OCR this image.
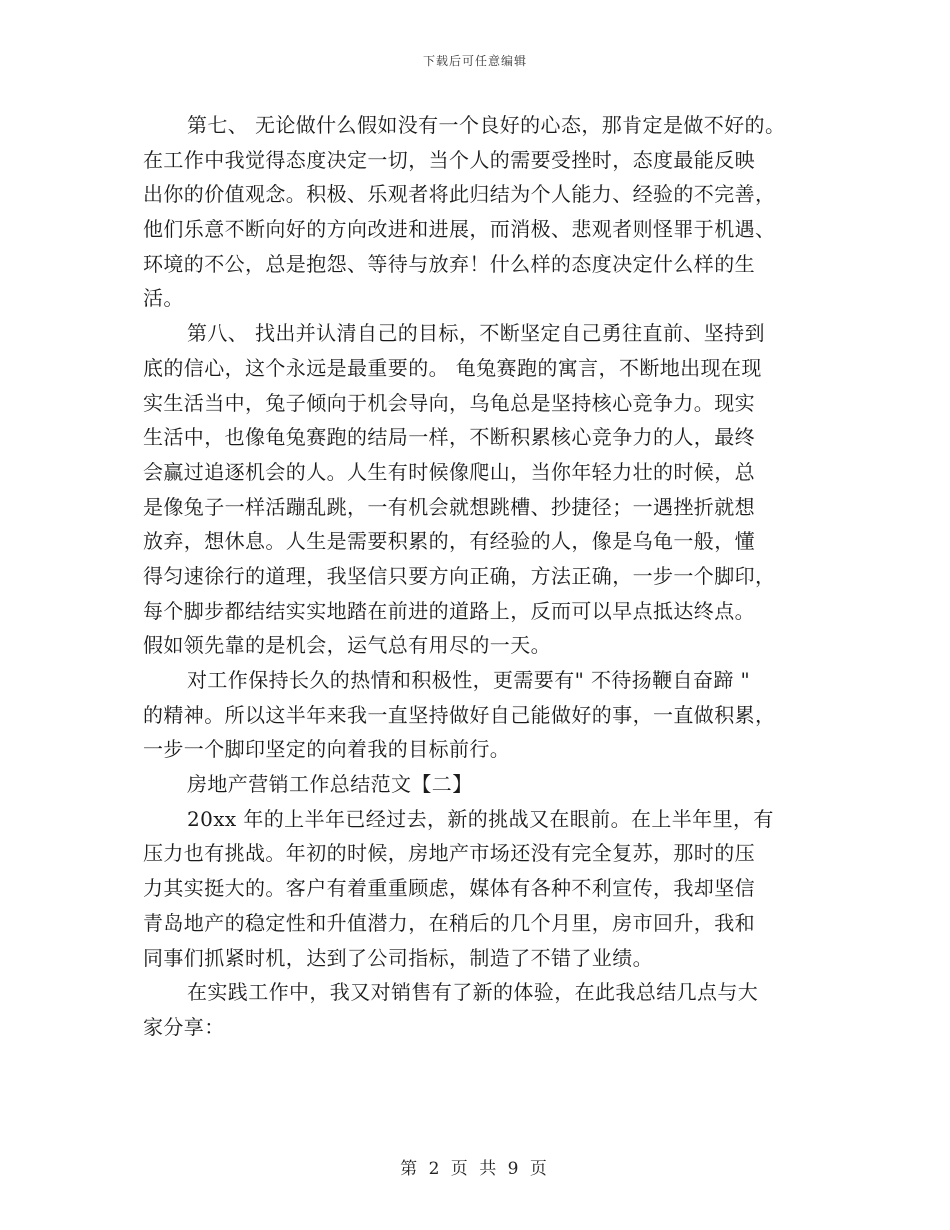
下载后可任意编辑
第七、 无论做什么假如没有一个良好的心态，那肯定是做不好的。
在工作中我觉得态度决定一切，当个人的需要受挫时，态度最能反映
出你的价值观念。积极、乐观者将此归结为个人能力、经验的不完善，
他们乐意不断向好的方向改进和进展，而消极、悲观者则怪罪于机遇、
环境的不公，总是抱怨、等待与放弃！什么样的态度决定什么样的生
活。
第八、 找出并认清自己的目标，不断坚定自己勇往直前、坚持到
底的信心，这个永远是最重要的。 龟兔赛跑的寓言，不断地出现在现
实生活当中，兔子倾向于机会导向，乌龟总是坚持核心竞争力。现实
生活中，也像龟兔赛跑的结局一样，不断积累核心竞争力的人，最终
会赢过追逐机会的人。人生有时候像爬山，当你年轻力壮的时候，总
是像兔子一样活蹦乱跳，一有机会就想跳槽、抄捷径；一遇挫折就想
放弃，想休息。人生是需要积累的，有经验的人，像是乌龟一般，懂
得匀速徐行的道理，我坚信只要方向正确，方法正确，一步一个脚印，
每个脚步都结结实实地踏在前进的道路上，反而可以早点抵达终点。
假如领先靠的是机会，运气总有用尽的一天。
对工作保持长久的热情和积极性，更需要有" 不待扬鞭自奋蹄 "
的精神。所以这半年来我一直坚持做好自己能做好的事，一直做积累，
一步一个脚印坚定的向着我的目标前行。
房地产营销工作总结范文【二】
20xx 年的上半年已经过去，新的挑战又在眼前。在上半年里，有
压力也有挑战。年初的时候，房地产市场还没有完全复苏，那时的压
力其实挺大的。客户有着重重顾虑，媒体有各种不利宣传，我却坚信
青岛地产的稳定性和升值潜力，在稍后的几个月里，房市回升，我和
同事们抓紧时机，达到了公司指标，制造了不错了业绩。
在实践工作中，我又对销售有了新的体验，在此我总结几点与大
家分享：
第 2 页 共 9 页
